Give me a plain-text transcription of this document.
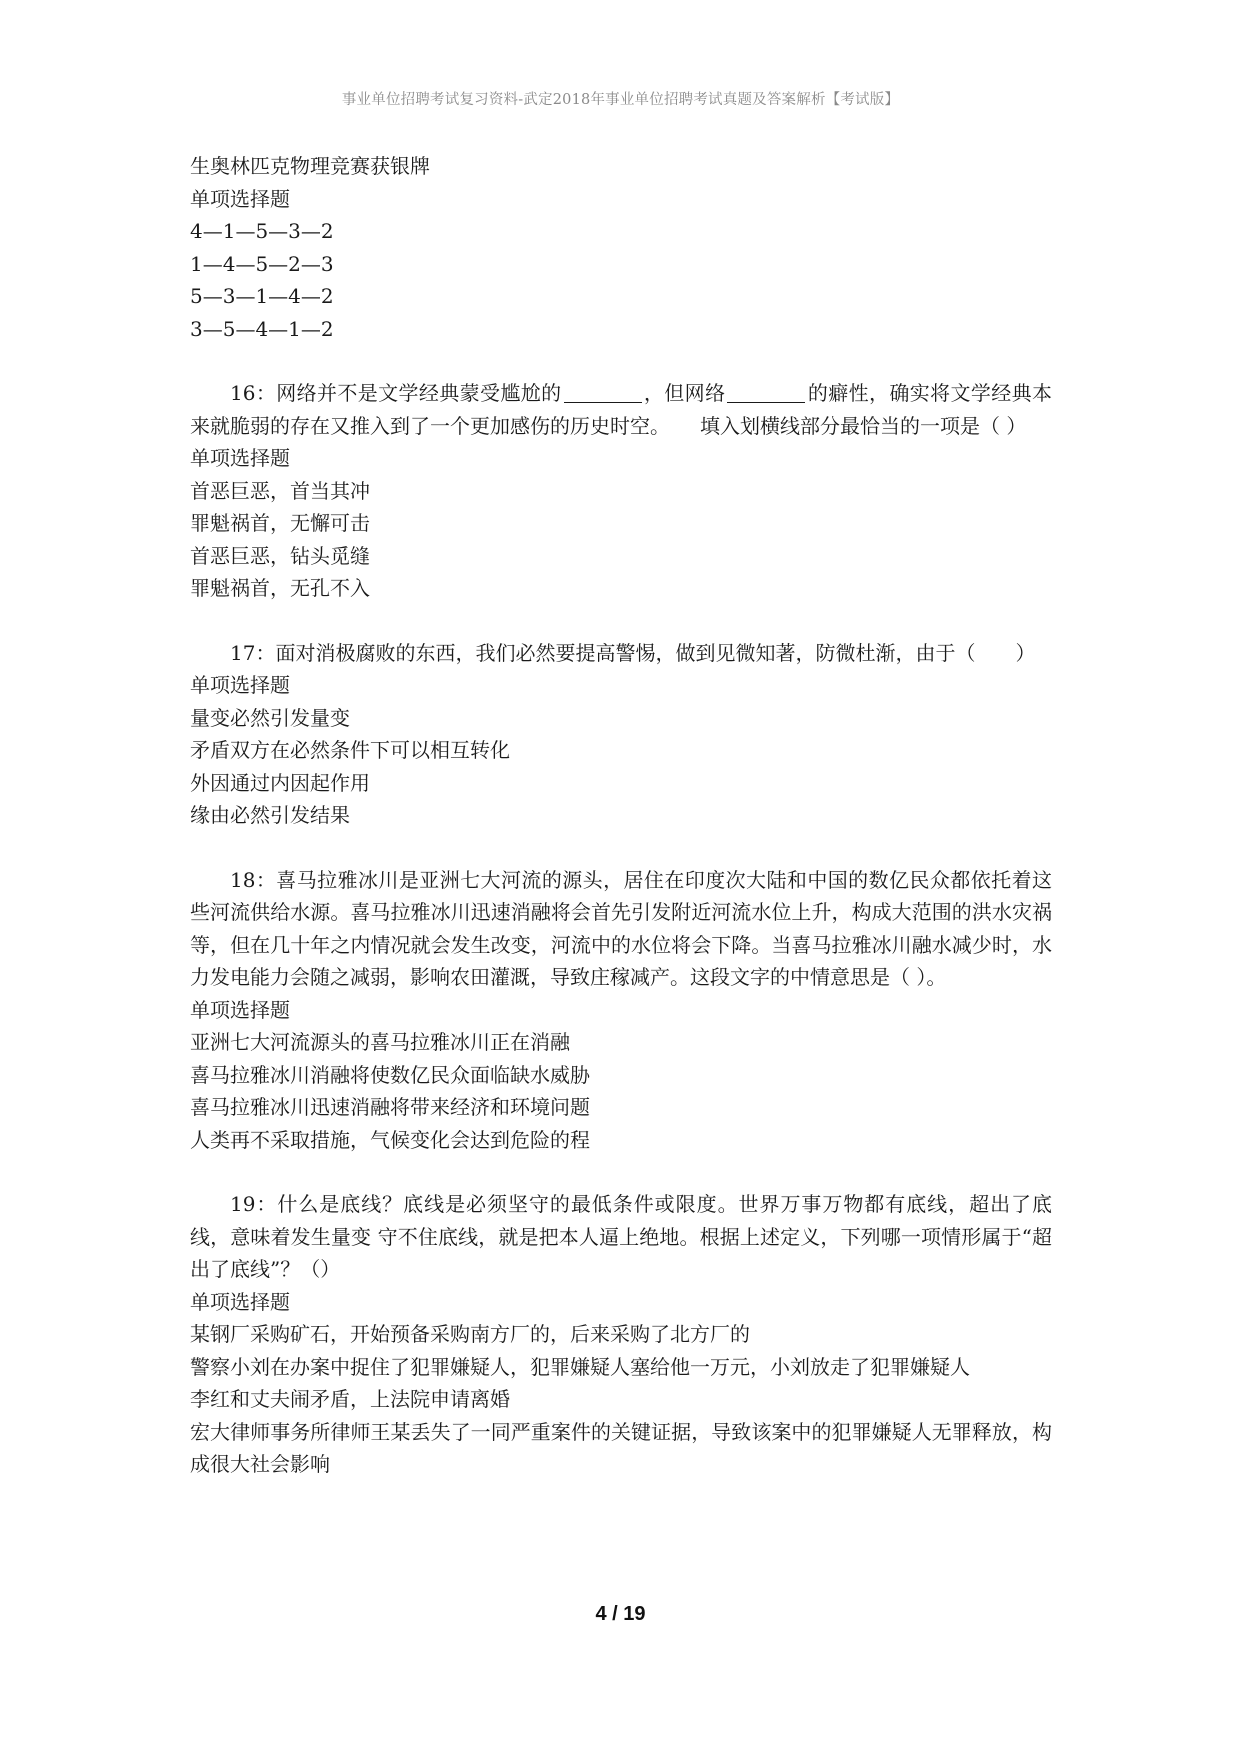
事业单位招聘考试复习资料-武定2018年事业单位招聘考试真题及答案解析【考试版】
生奥林匹克物理竞赛获银牌
单项选择题
4—1—5—3—2
1—4—5—2—3
5—3—1—4—2
3—5—4—1—2

16：网络并不是文学经典蒙受尴尬的	，但网络	的癖性，确实将文学经典本来就脆弱的存在又推入到了一个更加感伤的历史时空。　　填入划横线部分最恰当的一项是（ ）

单项选择题
首恶巨恶，首当其冲
罪魁祸首，无懈可击
首恶巨恶，钻头觅缝
罪魁祸首，无孔不入

17：面对消极腐败的东西，我们必然要提高警惕，做到见微知著，防微杜渐，由于（　　）

单项选择题
量变必然引发量变
矛盾双方在必然条件下可以相互转化
外因通过内因起作用
缘由必然引发结果

18：喜马拉雅冰川是亚洲七大河流的源头，居住在印度次大陆和中国的数亿民众都依托着这些河流供给水源。喜马拉雅冰川迅速消融将会首先引发附近河流水位上升，构成大范围的洪水灾祸等，但在几十年之内情况就会发生改变，河流中的水位将会下降。当喜马拉雅冰川融水减少时，水力发电能力会随之减弱，影响农田灌溉，导致庄稼减产。这段文字的中情意思是（ ）。

单项选择题
亚洲七大河流源头的喜马拉雅冰川正在消融
喜马拉雅冰川消融将使数亿民众面临缺水威胁
喜马拉雅冰川迅速消融将带来经济和环境问题
人类再不采取措施，气候变化会达到危险的程

19：什么是底线？底线是必须坚守的最低条件或限度。世界万事万物都有底线，超出了底线，意味着发生量变 守不住底线，就是把本人逼上绝地。根据上述定义，下列哪一项情形属于“超出了底线”？（）

单项选择题
某钢厂采购矿石，开始预备采购南方厂的，后来采购了北方厂的
警察小刘在办案中捉住了犯罪嫌疑人，犯罪嫌疑人塞给他一万元，小刘放走了犯罪嫌疑人
李红和丈夫闹矛盾，上法院申请离婚

宏大律师事务所律师王某丢失了一同严重案件的关键证据，导致该案中的犯罪嫌疑人无罪释放，构成很大社会影响

4 / 19
